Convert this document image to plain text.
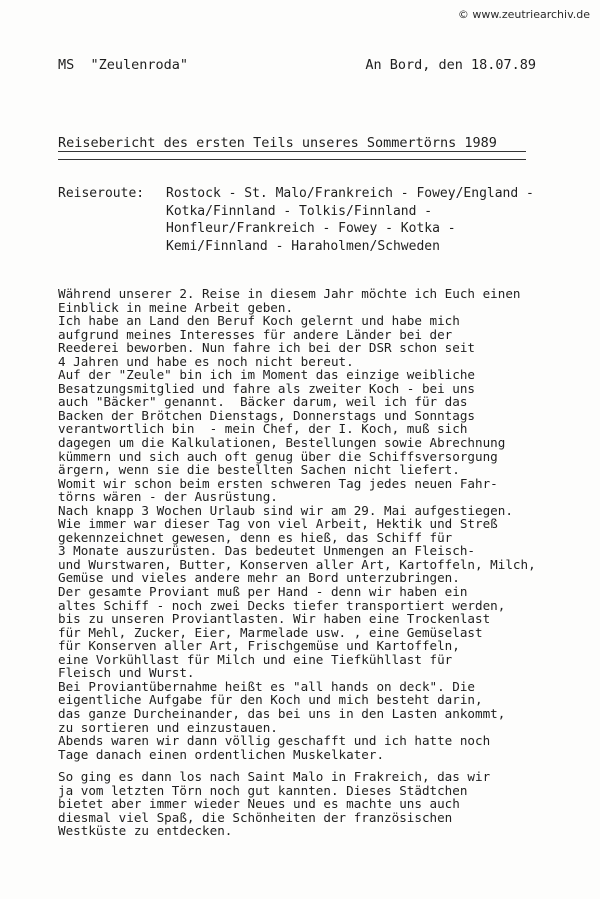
© www.zeutriearchiv.de
MS  "Zeulenroda"	An Bord, den 18.07.89
Reisebericht des ersten Teils unseres Sommertörns 1989
Reiseroute: Rostock - St. Malo/Frankreich - Fowey/England -
Kotka/Finnland - Tolkis/Finnland -
Honfleur/Frankreich - Fowey - Kotka -
Kemi/Finnland - Haraholmen/Schweden
Während unserer 2. Reise in diesem Jahr möchte ich Euch einen
Einblick in meine Arbeit geben.
Ich habe an Land den Beruf Koch gelernt und habe mich
aufgrund meines Interesses für andere Länder bei der
Reederei beworben. Nun fahre ich bei der DSR schon seit
4 Jahren und habe es noch nicht bereut.
Auf der "Zeule" bin ich im Moment das einzige weibliche
Besatzungsmitglied und fahre als zweiter Koch - bei uns
auch "Bäcker" genannt.  Bäcker darum, weil ich für das
Backen der Brötchen Dienstags, Donnerstags und Sonntags
verantwortlich bin  - mein Chef, der I. Koch, muß sich
dagegen um die Kalkulationen, Bestellungen sowie Abrechnung
kümmern und sich auch oft genug über die Schiffsversorgung
ärgern, wenn sie die bestellten Sachen nicht liefert.
Womit wir schon beim ersten schweren Tag jedes neuen Fahr-
törns wären - der Ausrüstung.
Nach knapp 3 Wochen Urlaub sind wir am 29. Mai aufgestiegen.
Wie immer war dieser Tag von viel Arbeit, Hektik und Streß
gekennzeichnet gewesen, denn es hieß, das Schiff für
3 Monate auszurüsten. Das bedeutet Unmengen an Fleisch-
und Wurstwaren, Butter, Konserven aller Art, Kartoffeln, Milch,
Gemüse und vieles andere mehr an Bord unterzubringen.
Der gesamte Proviant muß per Hand - denn wir haben ein
altes Schiff - noch zwei Decks tiefer transportiert werden,
bis zu unseren Proviantlasten. Wir haben eine Trockenlast
für Mehl, Zucker, Eier, Marmelade usw. , eine Gemüselast
für Konserven aller Art, Frischgemüse und Kartoffeln,
eine Vorkühllast für Milch und eine Tiefkühllast für
Fleisch und Wurst.
Bei Proviantübernahme heißt es "all hands on deck". Die
eigentliche Aufgabe für den Koch und mich besteht darin,
das ganze Durcheinander, das bei uns in den Lasten ankommt,
zu sortieren und einzustauen.
Abends waren wir dann völlig geschafft und ich hatte noch
Tage danach einen ordentlichen Muskelkater.
So ging es dann los nach Saint Malo in Frakreich, das wir
ja vom letzten Törn noch gut kannten. Dieses Städtchen
bietet aber immer wieder Neues und es machte uns auch
diesmal viel Spaß, die Schönheiten der französischen
Westküste zu entdecken.
